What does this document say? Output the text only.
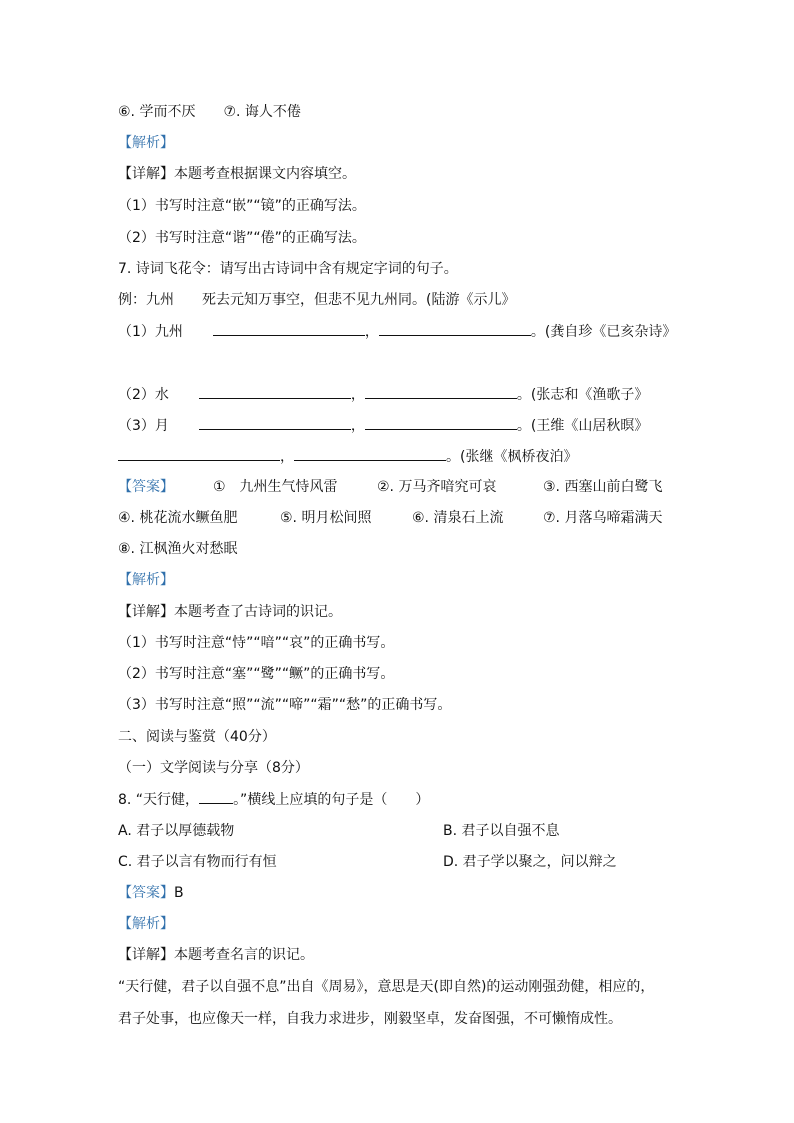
⑥. 学而不厌 ⑦. 诲人不倦
【解析】
【详解】本题考查根据课文内容填空。
（1）书写时注意“嵌”“镜”的正确写法。
（2）书写时注意“谐”“倦”的正确写法。
7. 诗词飞花令：请写出古诗词中含有规定字词的句子。
例：九州　　死去元知万事空，但悲不见九州同。(陆游《示儿》
（1）九州	，	。(龚自珍《已亥杂诗》
（2）水	，	。(张志和《渔歌子》
（3）月	，	。(王维《山居秋暝》
，	。(张继《枫桥夜泊》
【答案】	①　九州生气恃风雷	②. 万马齐喑究可哀	③. 西塞山前白鹭飞
④. 桃花流水鳜鱼肥	⑤. 明月松间照	⑥. 清泉石上流	⑦. 月落乌啼霜满天
⑧. 江枫渔火对愁眠
【解析】
【详解】本题考查了古诗词的识记。
（1）书写时注意“恃”“喑”“哀”的正确书写。
（2）书写时注意“塞”“鹭”“鳜”的正确书写。
（3）书写时注意“照”“流”“啼”“霜”“愁”的正确书写。
二、阅读与鉴赏（40分）
（一）文学阅读与分享（8分）
8. “天行健， 。”横线上应填的句子是（　　）
A. 君子以厚德载物	B. 君子以自强不息
C. 君子以言有物而行有恒	D. 君子学以聚之，问以辩之
【答案】B
【解析】
【详解】本题考查名言的识记。
“天行健，君子以自强不息”出自《周易》，意思是天(即自然)的运动刚强劲健，相应的，
君子处事，也应像天一样，自我力求进步，刚毅坚卓，发奋图强，不可懒惰成性。
